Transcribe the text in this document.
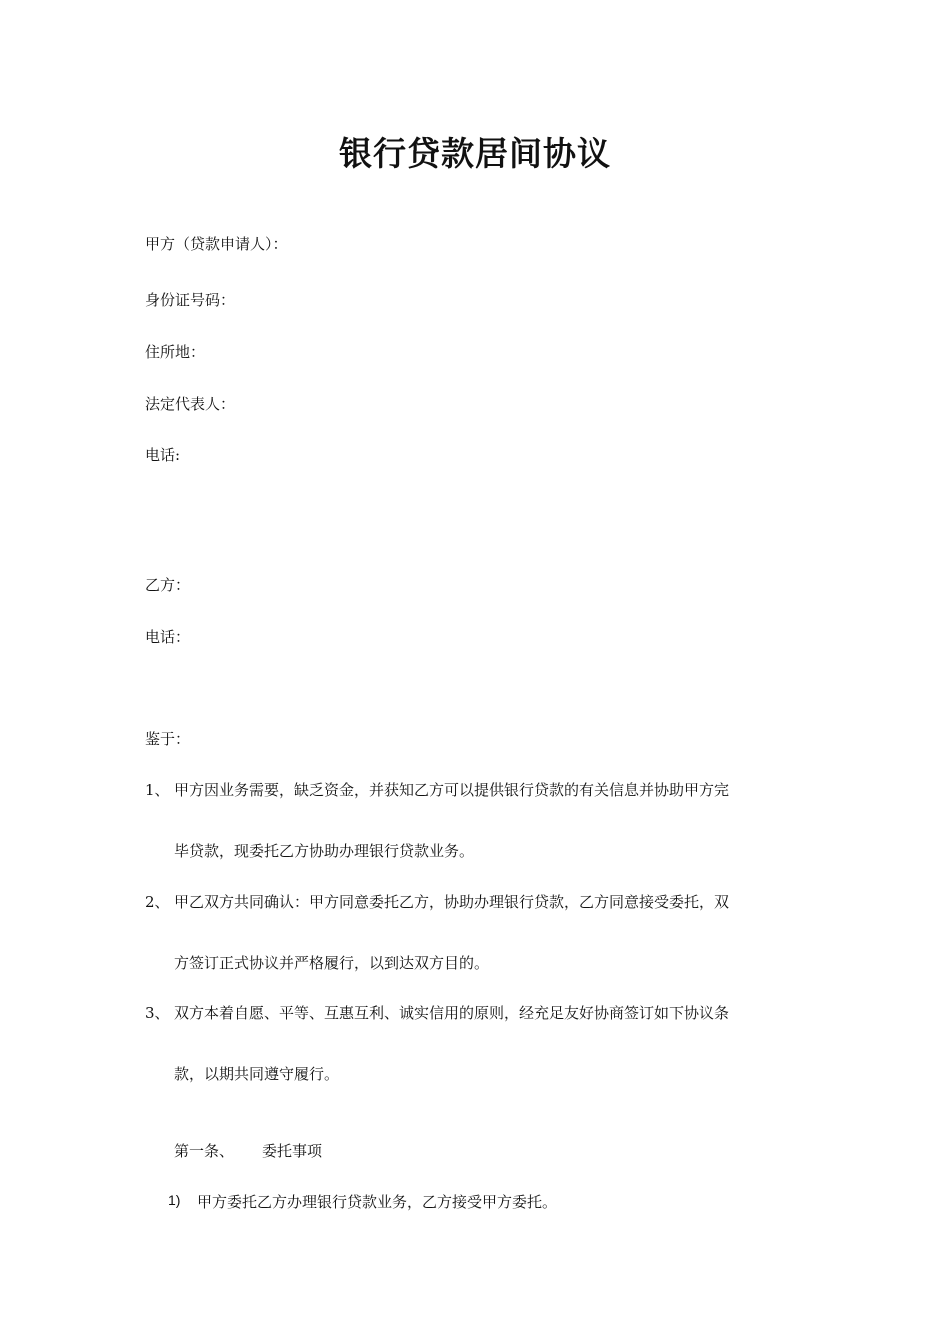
银行贷款居间协议
甲方（贷款申请人）：
身份证号码：
住所地：
法定代表人：
电话:
乙方：
电话：
鉴于：
1、 甲方因业务需要，缺乏资金，并获知乙方可以提供银行贷款的有关信息并协助甲方完
毕贷款，现委托乙方协助办理银行贷款业务。
2、 甲乙双方共同确认：甲方同意委托乙方，协助办理银行贷款，乙方同意接受委托，双
方签订正式协议并严格履行，以到达双方目的。
3、 双方本着自愿、平等、互惠互利、诚实信用的原则，经充足友好协商签订如下协议条
款，以期共同遵守履行。
第一条、 委托事项
1) 甲方委托乙方办理银行贷款业务，乙方接受甲方委托。
